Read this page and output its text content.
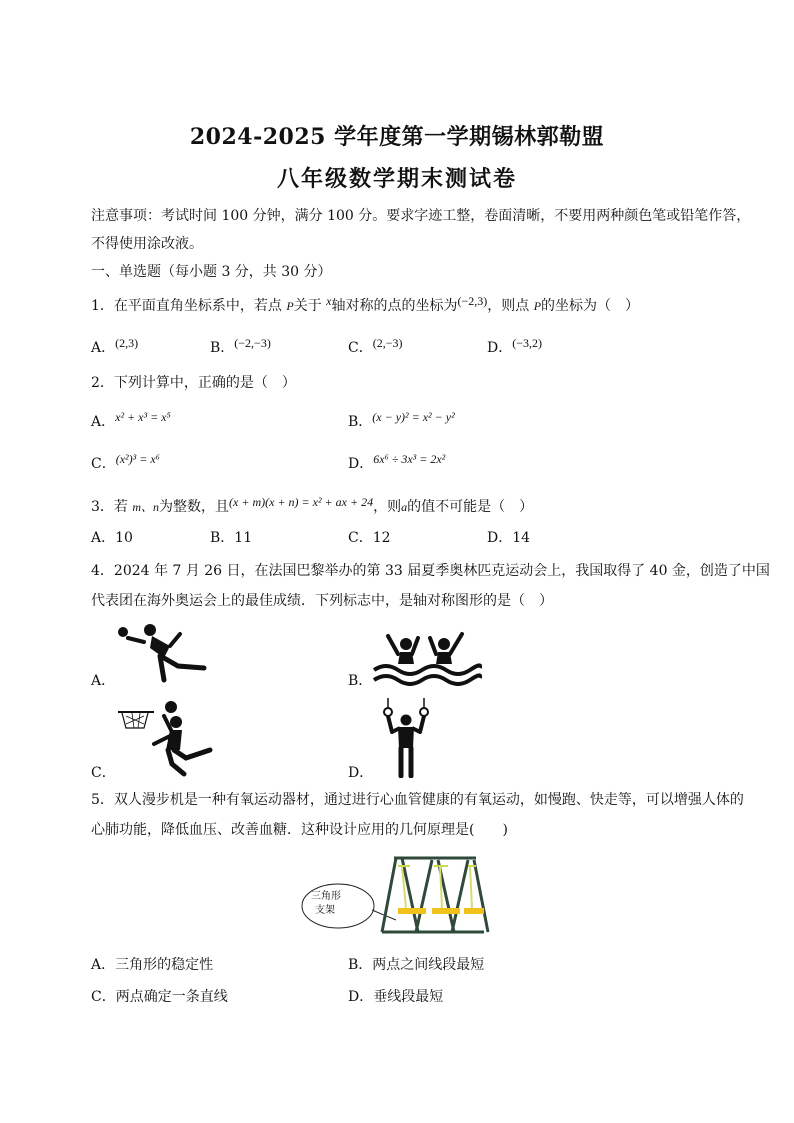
2024-2025 学年度第一学期锡林郭勒盟
八年级数学期末测试卷
注意事项：考试时间 100 分钟，满分 100 分。要求字迹工整，卷面清晰，不要用两种颜色笔或铅笔作答，
不得使用涂改液。
一、单选题（每小题 3 分，共 30 分）
1．在平面直角坐标系中，若点 P关于 x轴对称的点的坐标为(−2,3)，则点 P的坐标为（　）
A．(2,3)	B．(−2,−3)	C．(2,−3)	D．(−3,2)
2．下列计算中，正确的是（　）
A．x² + x³ = x⁵	B．(x − y)² = x² − y²
C．(x²)³ = x⁶	D．6x⁶ ÷ 3x³ = 2x²
3．若 m、n为整数，且(x + m)(x + n) = x² + ax + 24，则a的值不可能是（　）
A．10	B．11	C．12	D．14
4．2024 年 7 月 26 日，在法国巴黎举办的第 33 届夏季奥林匹克运动会上，我国取得了 40 金，创造了中国
代表团在海外奥运会上的最佳成绩．下列标志中，是轴对称图形的是（　）
A．	B．
C．	D．
5．双人漫步机是一种有氧运动器材，通过进行心血管健康的有氧运动，如慢跑、快走等，可以增强人体的
心肺功能，降低血压、改善血糖．这种设计应用的几何原理是(　　)
三角形
支架
A．三角形的稳定性	B．两点之间线段最短
C．两点确定一条直线	D．垂线段最短
